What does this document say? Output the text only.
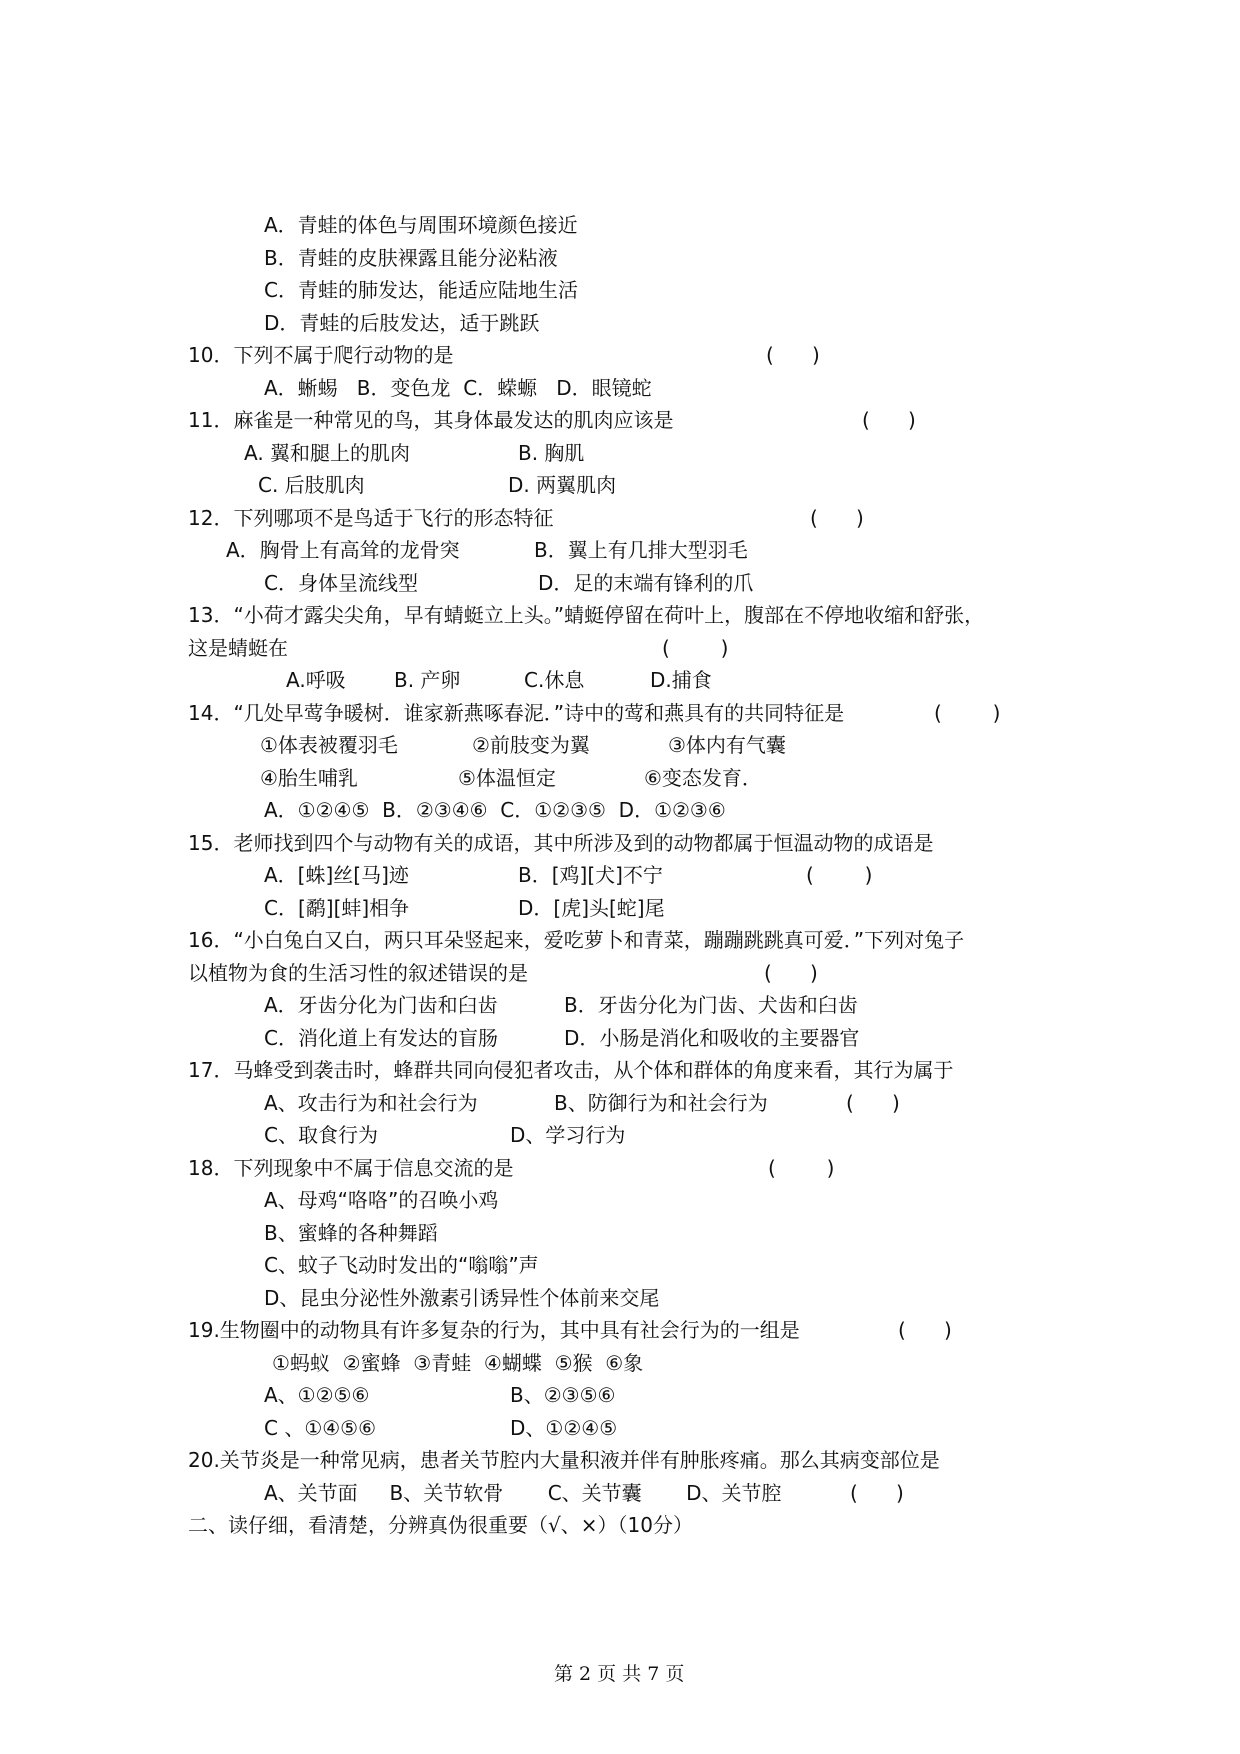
A．青蛙的体色与周围环境颜色接近
B．青蛙的皮肤裸露且能分泌粘液
C．青蛙的肺发达，能适应陆地生活
D．青蛙的后肢发达，适于跳跃
10．下列不属于爬行动物的是	(      )
A．蜥蜴   B．变色龙  C．蝾螈   D．眼镜蛇
11．麻雀是一种常见的鸟，其身体最发达的肌肉应该是	(      )
A. 翼和腿上的肌肉	B. 胸肌
C. 后肢肌肉	D. 两翼肌肉
12．下列哪项不是鸟适于飞行的形态特征	(      )
A．胸骨上有高耸的龙骨突	B．翼上有几排大型羽毛
C．身体呈流线型	D．足的末端有锋利的爪
13．“小荷才露尖尖角，早有蜻蜓立上头。”蜻蜓停留在荷叶上，腹部在不停地收缩和舒张，
这是蜻蜓在	(        )
A.呼吸 B. 产卵	C.休息	D.捕食
14．“几处早莺争暖树．谁家新燕啄春泥．”诗中的莺和燕具有的共同特征是	(        )
①体表被覆羽毛	②前肢变为翼	③体内有气囊
④胎生哺乳	⑤体温恒定	⑥变态发育．
A．①②④⑤  B．②③④⑥  C．①②③⑤  D．①②③⑥
15．老师找到四个与动物有关的成语，其中所涉及到的动物都属于恒温动物的成语是
A．[蛛]丝[马]迹	B．[鸡][犬]不宁	(        )
C．[鹬][蚌]相争	D．[虎]头[蛇]尾
16．“小白兔白又白，两只耳朵竖起来，爱吃萝卜和青菜，蹦蹦跳跳真可爱．”下列对兔子
以植物为食的生活习性的叙述错误的是	(      )
A．牙齿分化为门齿和臼齿	B．牙齿分化为门齿、犬齿和臼齿
C．消化道上有发达的盲肠	D．小肠是消化和吸收的主要器官
17．马蜂受到袭击时，蜂群共同向侵犯者攻击，从个体和群体的角度来看，其行为属于
A、攻击行为和社会行为	B、防御行为和社会行为	(      )
C、取食行为	D、学习行为
18．下列现象中不属于信息交流的是	(        )
A、母鸡“咯咯”的召唤小鸡
B、蜜蜂的各种舞蹈
C、蚊子飞动时发出的“嗡嗡”声
D、昆虫分泌性外激素引诱异性个体前来交尾
19.生物圈中的动物具有许多复杂的行为，其中具有社会行为的一组是	(      )
①蚂蚁  ②蜜蜂  ③青蛙  ④蝴蝶  ⑤猴  ⑥象
A、①②⑤⑥	B、②③⑤⑥
C 、①④⑤⑥	D、①②④⑤
20.关节炎是一种常见病，患者关节腔内大量积液并伴有肿胀疼痛。那么其病变部位是
A、关节面     B、关节软骨       C、关节囊       D、关节腔	(      )
二、读仔细，看清楚，分辨真伪很重要（√、×）（10分）
第 2 页 共 7 页
